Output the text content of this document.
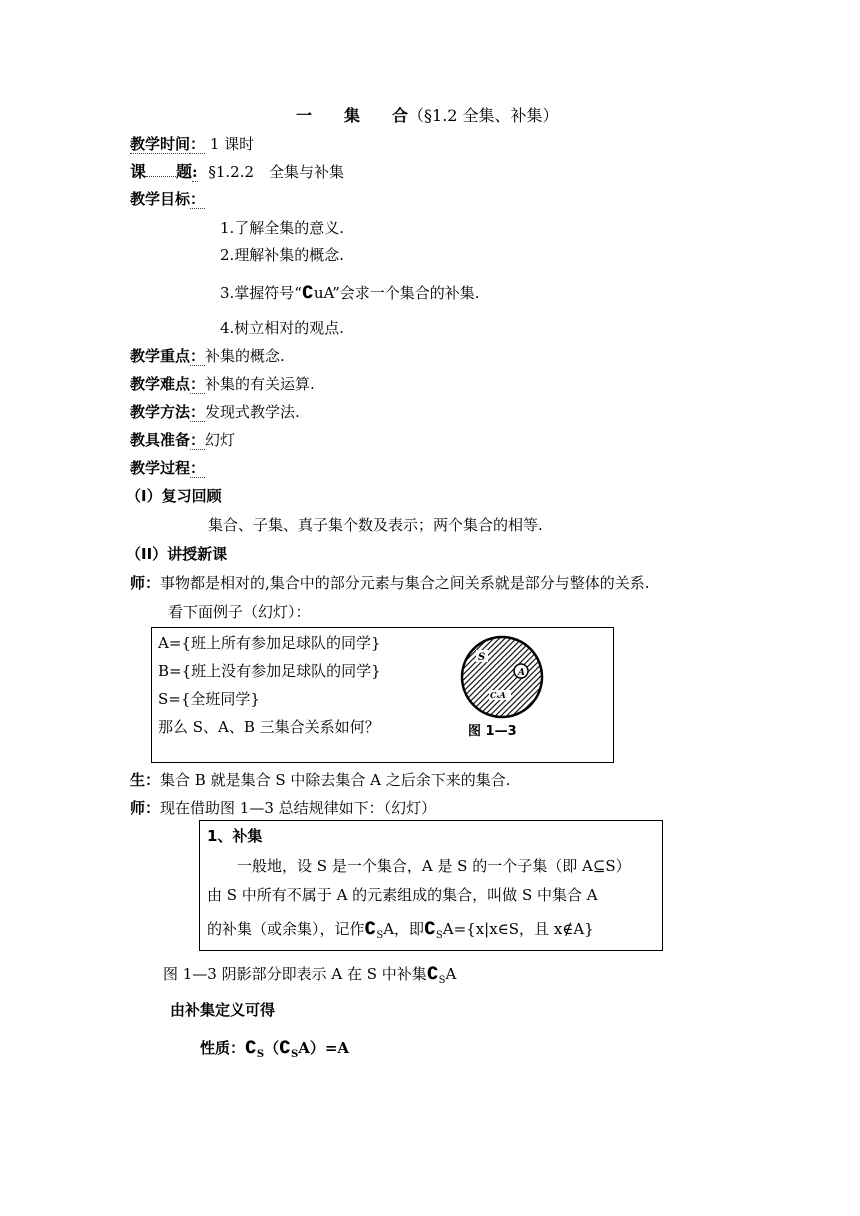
一　　集　　合（§1.2 全集、补集）
教学时间： 1 课时
课 题: §1.2.2　全集与补集
教学目标：
1.了解全集的意义.
2.理解补集的概念.
3.掌握符号“∁uA”会求一个集合的补集.
4.树立相对的观点.
教学重点：补集的概念.
教学难点：补集的有关运算.
教学方法：发现式教学法.
教具准备：幻灯
教学过程：
（I）复习回顾
集合、子集、真子集个数及表示；两个集合的相等.
（II）讲授新课
师：事物都是相对的,集合中的部分元素与集合之间关系就是部分与整体的关系.
看下面例子（幻灯）：
A={班上所有参加足球队的同学}
B={班上没有参加足球队的同学}
S={全班同学}
那么 S、A、B 三集合关系如何？
S
A
CₛA
图 1—3
生：集合 B 就是集合 S 中除去集合 A 之后余下来的集合.
师：现在借助图 1—3 总结规律如下：（幻灯）
1、补集
一般地，设 S 是一个集合，A 是 S 的一个子集（即 A⊆S）
由 S 中所有不属于 A 的元素组成的集合，叫做 S 中集合 A
的补集（或余集），记作$∁_SA$，即$∁_SA=\{x|x\in S$，且 x∉A}
图 1—3 阴影部分即表示 A 在 S 中补集$∁_SA$
由补集定义可得
性质：$∁_S(∁_SA)=A$
